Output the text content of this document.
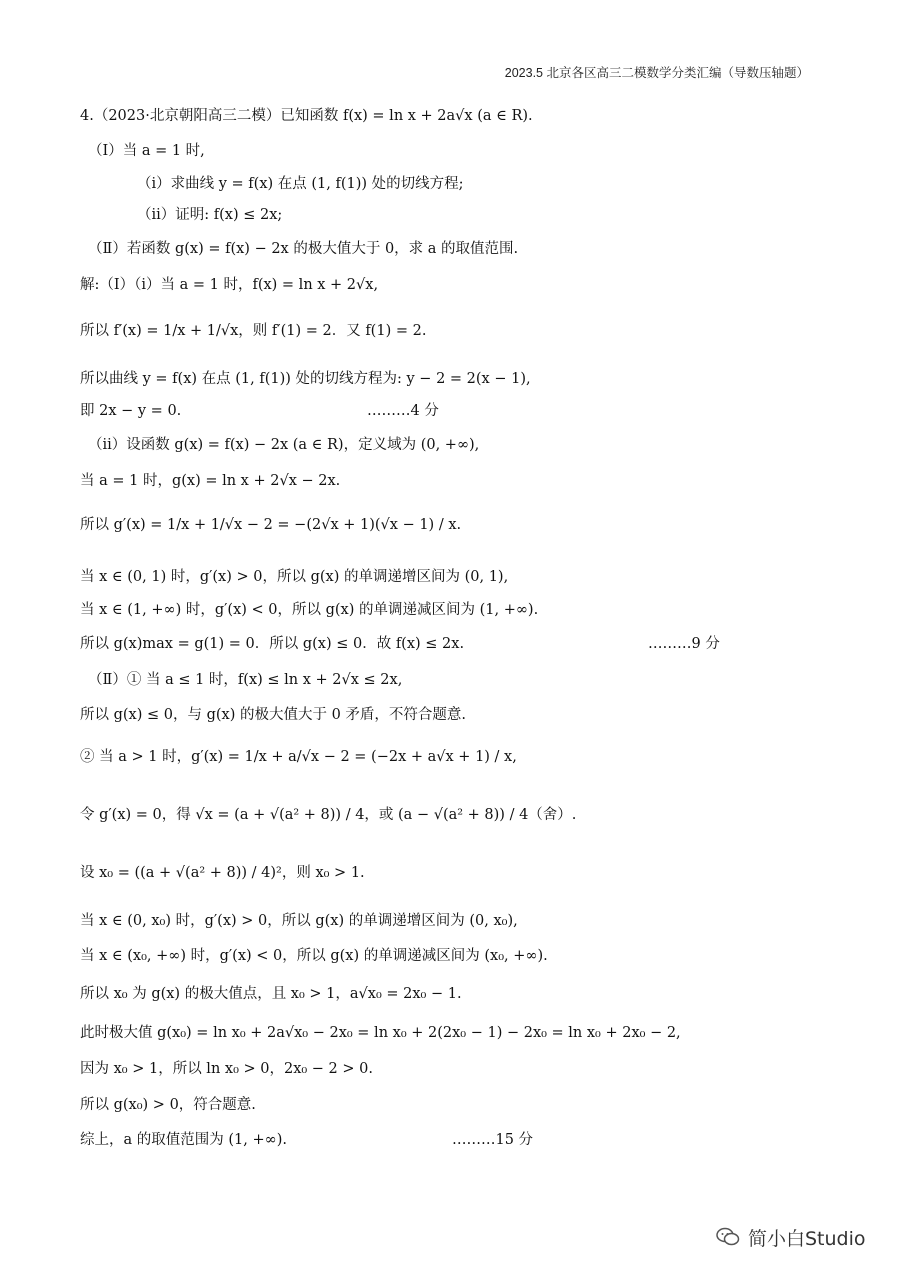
2023.5 北京各区高三二模数学分类汇编（导数压轴题）
4.（2023·北京朝阳高三二模）已知函数 f(x) = ln x + 2a√x (a ∈ R).
（Ⅰ）当 a = 1 时,
（ⅰ）求曲线 y = f(x) 在点 (1, f(1)) 处的切线方程;
（ⅱ）证明: f(x) ≤ 2x;
（Ⅱ）若函数 g(x) = f(x) − 2x 的极大值大于 0，求 a 的取值范围.
解:（Ⅰ）（ⅰ）当 a = 1 时，f(x) = ln x + 2√x,
所以 f′(x) = 1/x + 1/√x，则 f′(1) = 2．又 f(1) = 2.
所以曲线 y = f(x) 在点 (1, f(1)) 处的切线方程为: y − 2 = 2(x − 1),
即 2x − y = 0.	………4 分
（ⅱ）设函数 g(x) = f(x) − 2x (a ∈ R)，定义域为 (0, +∞),
当 a = 1 时，g(x) = ln x + 2√x − 2x.
所以 g′(x) = 1/x + 1/√x − 2 = −(2√x + 1)(√x − 1) / x.
当 x ∈ (0, 1) 时，g′(x) > 0，所以 g(x) 的单调递增区间为 (0, 1),
当 x ∈ (1, +∞) 时，g′(x) < 0，所以 g(x) 的单调递减区间为 (1, +∞).
所以 g(x)max = g(1) = 0．所以 g(x) ≤ 0．故 f(x) ≤ 2x.	………9 分
（Ⅱ）① 当 a ≤ 1 时，f(x) ≤ ln x + 2√x ≤ 2x,
所以 g(x) ≤ 0，与 g(x) 的极大值大于 0 矛盾，不符合题意.
② 当 a > 1 时，g′(x) = 1/x + a/√x − 2 = (−2x + a√x + 1) / x,
令 g′(x) = 0，得 √x = (a + √(a² + 8)) / 4，或 (a − √(a² + 8)) / 4（舍）.
设 x₀ = ((a + √(a² + 8)) / 4)²，则 x₀ > 1.
当 x ∈ (0, x₀) 时，g′(x) > 0，所以 g(x) 的单调递增区间为 (0, x₀),
当 x ∈ (x₀, +∞) 时，g′(x) < 0，所以 g(x) 的单调递减区间为 (x₀, +∞).
所以 x₀ 为 g(x) 的极大值点，且 x₀ > 1，a√x₀ = 2x₀ − 1.
此时极大值 g(x₀) = ln x₀ + 2a√x₀ − 2x₀ = ln x₀ + 2(2x₀ − 1) − 2x₀ = ln x₀ + 2x₀ − 2,
因为 x₀ > 1，所以 ln x₀ > 0，2x₀ − 2 > 0.
所以 g(x₀) > 0，符合题意.
综上，a 的取值范围为 (1, +∞).	………15 分
简小白Studio
